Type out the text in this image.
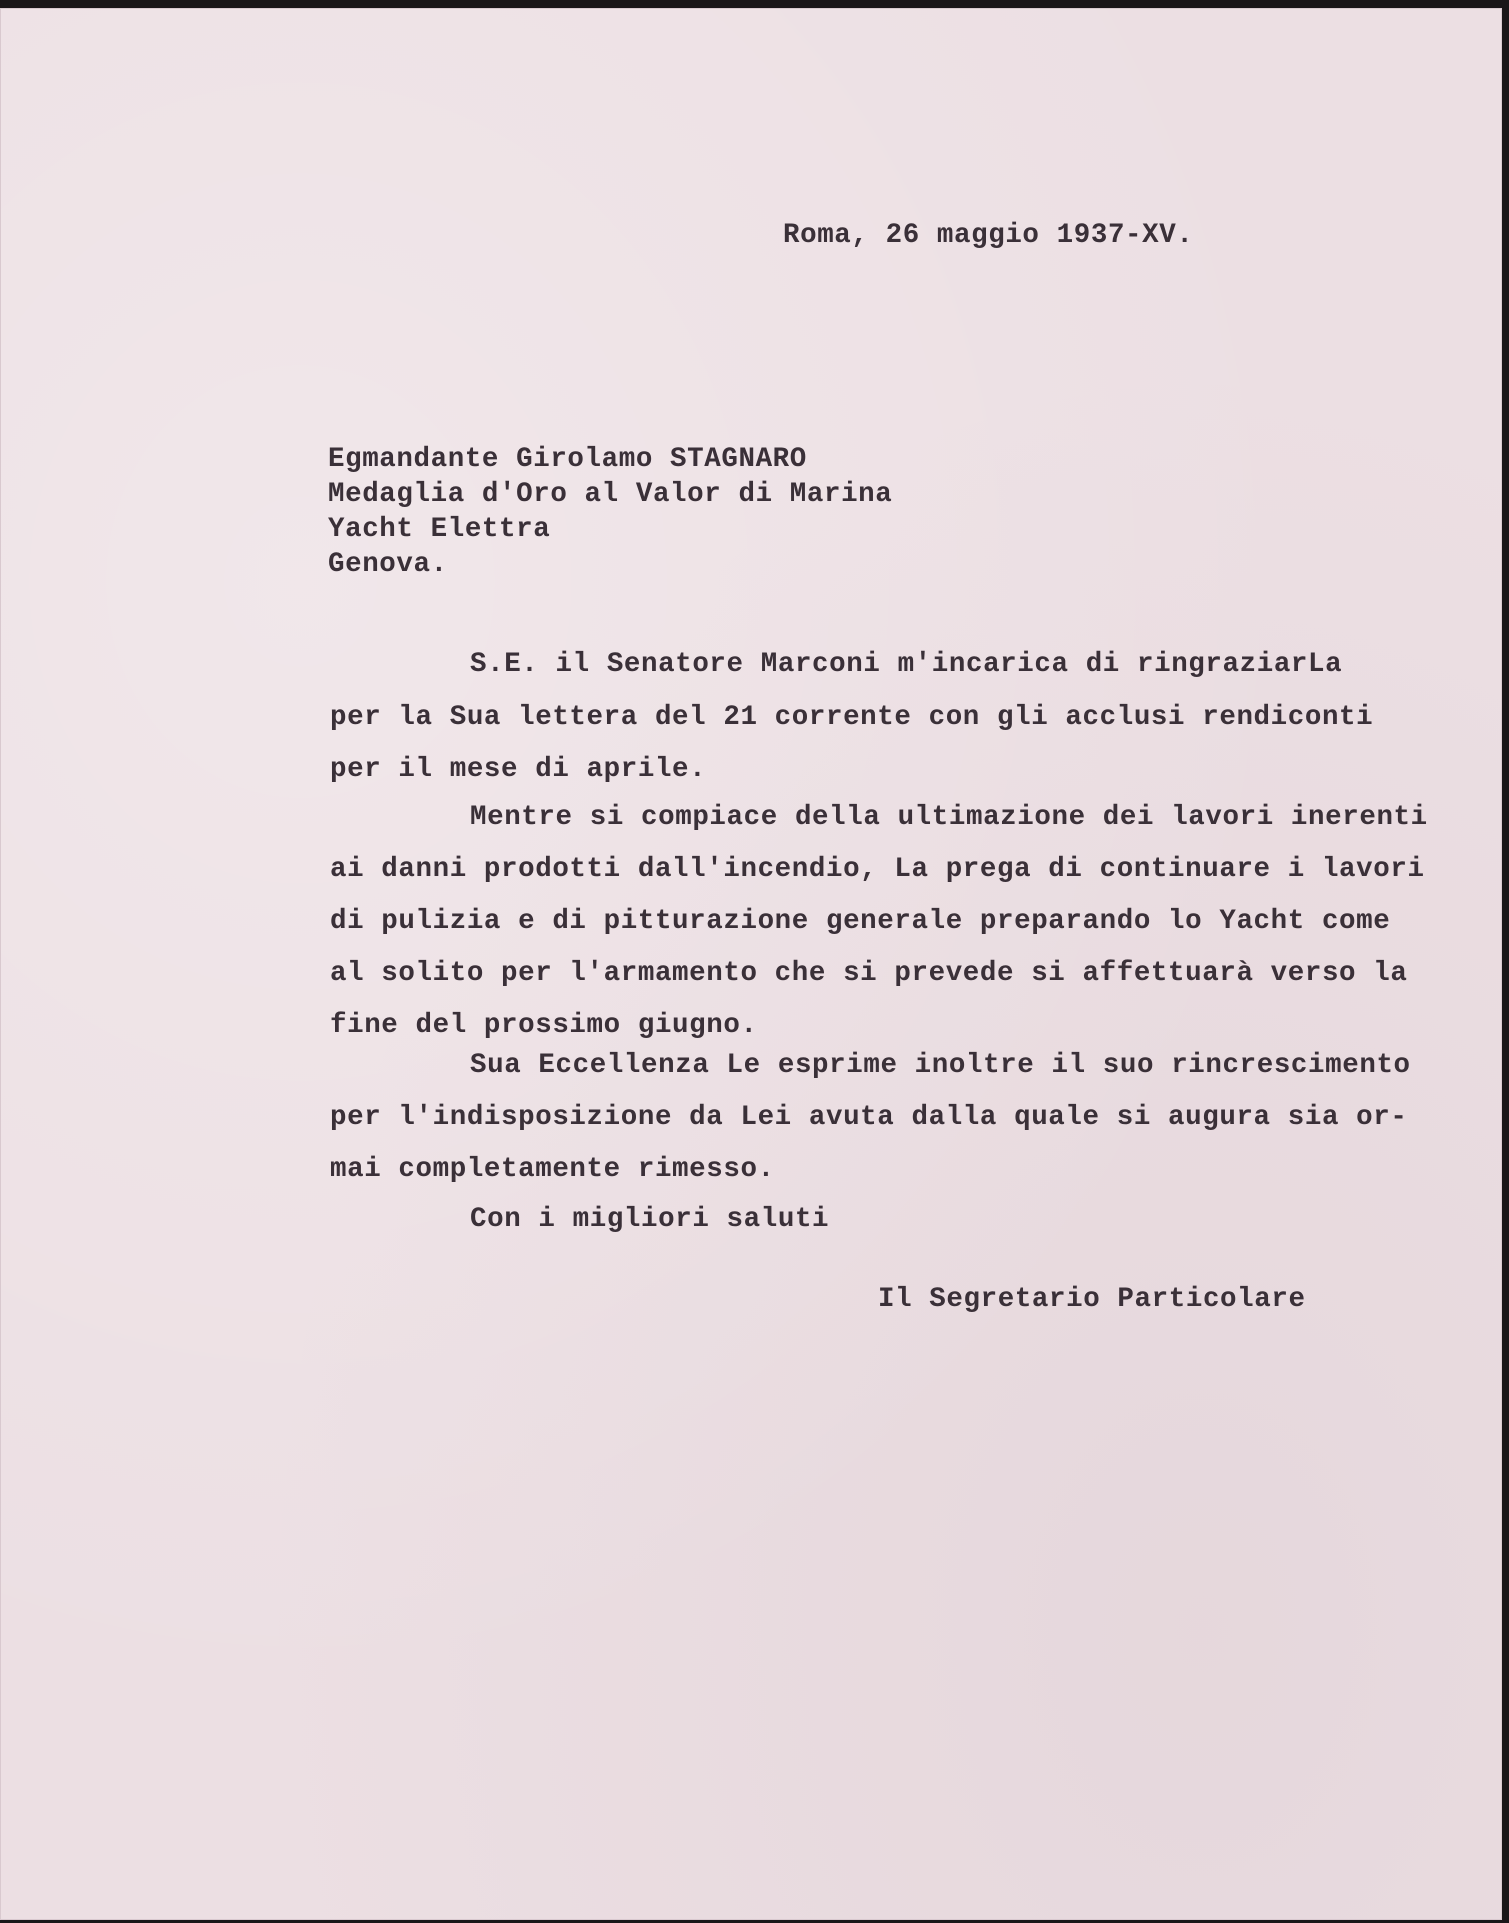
Roma, 26 maggio 1937-XV.
Egmandante Girolamo STAGNARO
Medaglia d'Oro al Valor di Marina
Yacht Elettra
Genova.
S.E. il Senatore Marconi m'incarica di ringraziarLa
per la Sua lettera del 21 corrente con gli acclusi rendiconti
per il mese di aprile.
Mentre si compiace della ultimazione dei lavori inerenti
ai danni prodotti dall'incendio, La prega di continuare i lavori
di pulizia e di pitturazione generale preparando lo Yacht come
al solito per l'armamento che si prevede si affettuarà verso la
fine del prossimo giugno.
Sua Eccellenza Le esprime inoltre il suo rincrescimento
per l'indisposizione da Lei avuta dalla quale si augura sia or-
mai completamente rimesso.
Con i migliori saluti
Il Segretario Particolare
